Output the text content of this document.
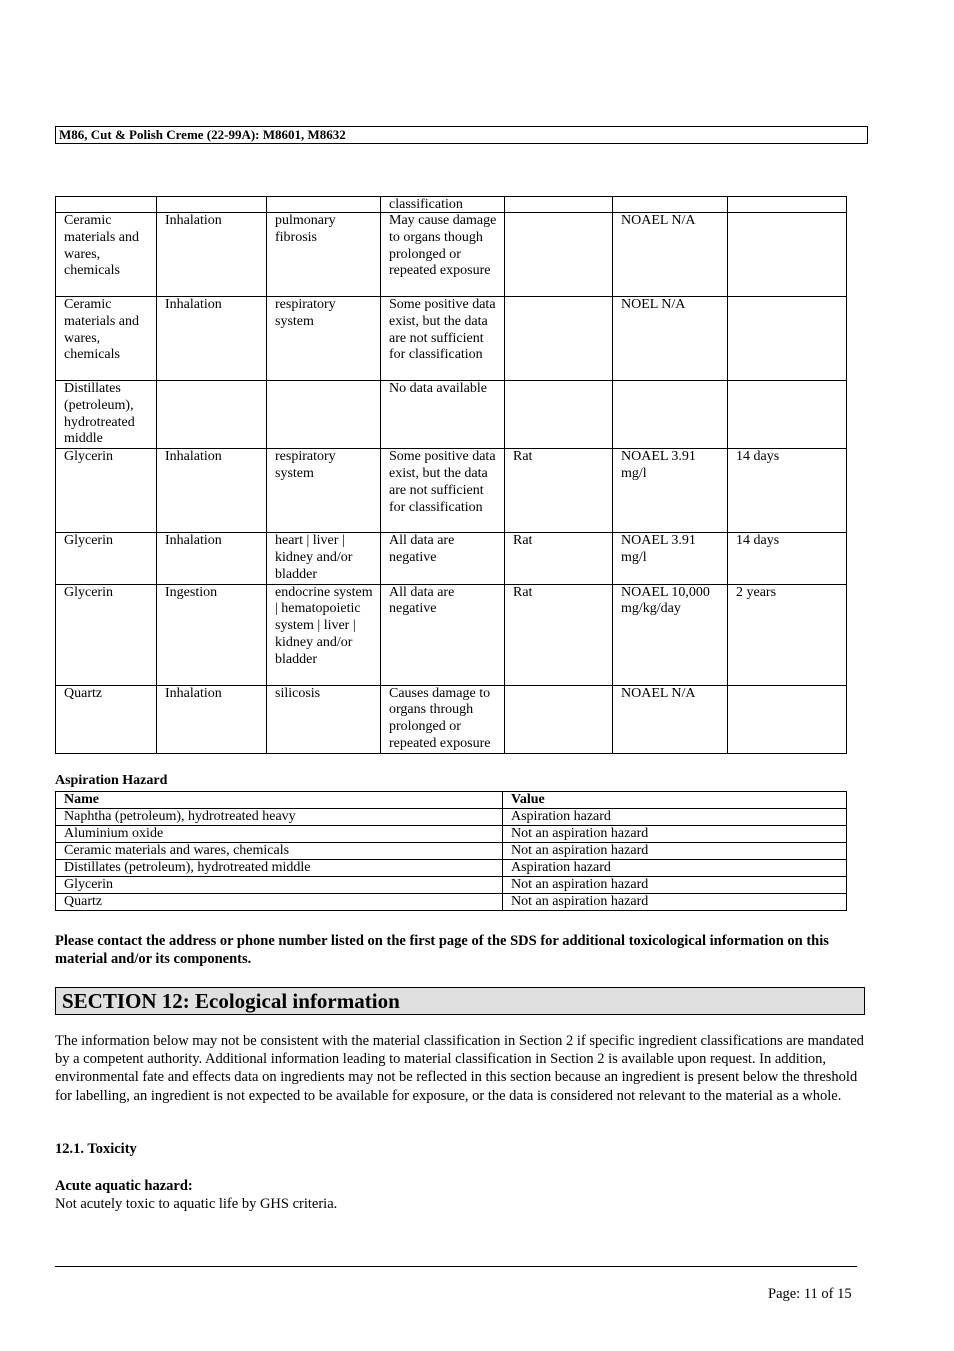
M86, Cut & Polish Creme (22-99A): M8601, M8632
			classification			
Ceramic materials and wares, chemicals	Inhalation	pulmonary fibrosis	May cause damage to organs though prolonged or repeated exposure		NOAEL N/A	
Ceramic materials and wares, chemicals	Inhalation	respiratory system	Some positive data exist, but the data are not sufficient for classification		NOEL N/A	
Distillates (petroleum), hydrotreated middle			No data available			
Glycerin	Inhalation	respiratory system	Some positive data exist, but the data are not sufficient for classification	Rat	NOAEL 3.91 mg/l	14 days
Glycerin	Inhalation	heart | liver | kidney and/or bladder	All data are negative	Rat	NOAEL 3.91 mg/l	14 days
Glycerin	Ingestion	endocrine system | hematopoietic system | liver | kidney and/or bladder	All data are negative	Rat	NOAEL 10,000 mg/kg/day	2 years
Quartz	Inhalation	silicosis	Causes damage to organs through prolonged or repeated exposure		NOAEL N/A	
Aspiration Hazard
Name	Value
Naphtha (petroleum), hydrotreated heavy	Aspiration hazard
Aluminium oxide	Not an aspiration hazard
Ceramic materials and wares, chemicals	Not an aspiration hazard
Distillates (petroleum), hydrotreated middle	Aspiration hazard
Glycerin	Not an aspiration hazard
Quartz	Not an aspiration hazard
Please contact the address or phone number listed on the first page of the SDS for additional toxicological information on this material and/or its components.
SECTION 12: Ecological information
The information below may not be consistent with the material classification in Section 2 if specific ingredient classifications are mandated by a competent authority. Additional information leading to material classification in Section 2 is available upon request. In addition, environmental fate and effects data on ingredients may not be reflected in this section because an ingredient is present below the threshold for labelling, an ingredient is not expected to be available for exposure, or the data is considered not relevant to the material as a whole.
12.1. Toxicity
Acute aquatic hazard:
Not acutely toxic to aquatic life by GHS criteria.
Page: 11 of 15
